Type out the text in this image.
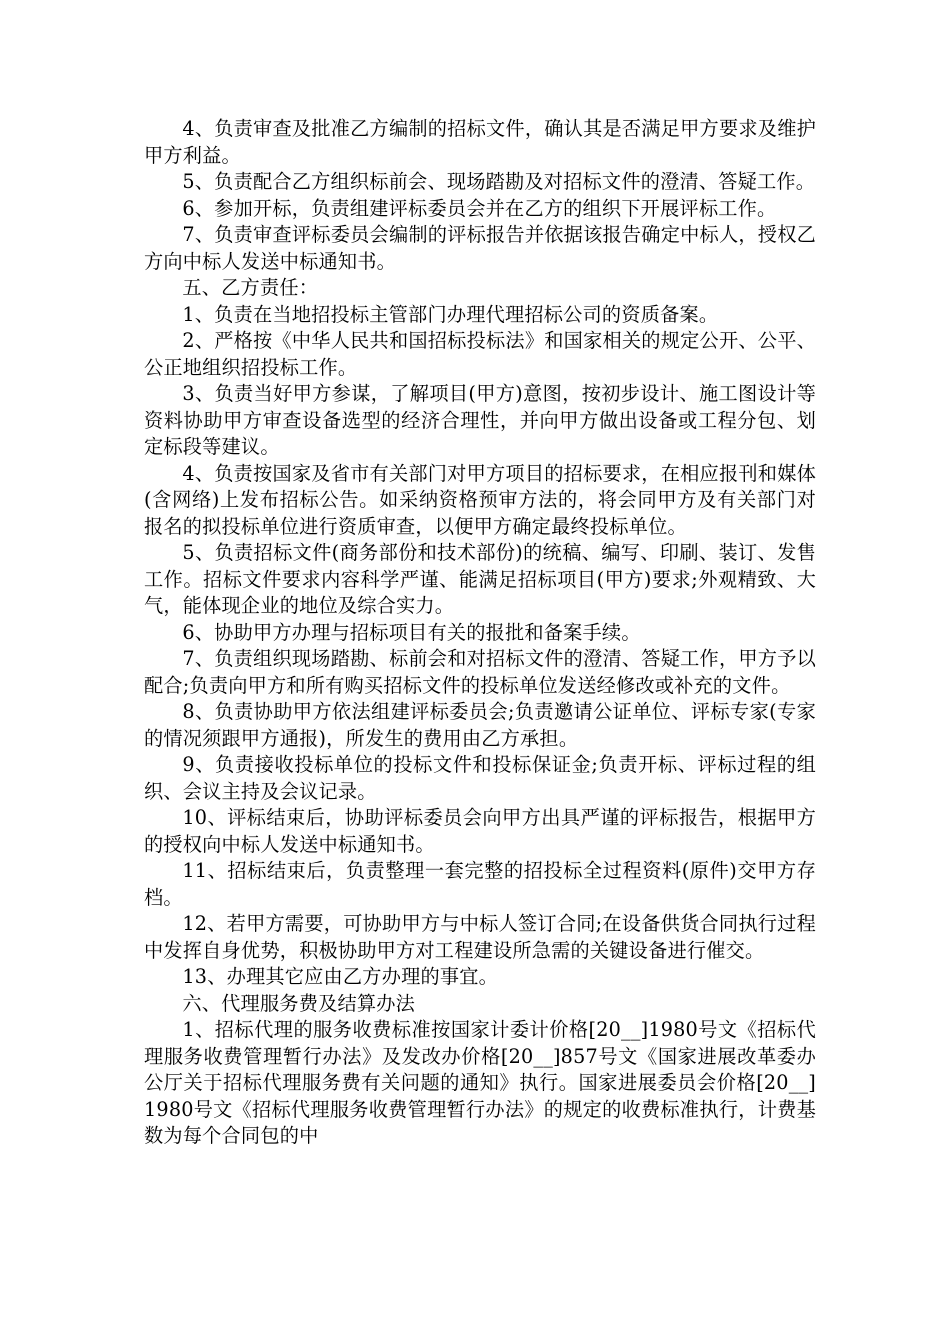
4、负责审查及批准乙方编制的招标文件，确认其是否满足甲方要求及维护甲方利益。

5、负责配合乙方组织标前会、现场踏勘及对招标文件的澄清、答疑工作。

6、参加开标，负责组建评标委员会并在乙方的组织下开展评标工作。

7、负责审查评标委员会编制的评标报告并依据该报告确定中标人，授权乙方向中标人发送中标通知书。

五、乙方责任：

1、负责在当地招投标主管部门办理代理招标公司的资质备案。

2、严格按《中华人民共和国招标投标法》和国家相关的规定公开、公平、公正地组织招投标工作。

3、负责当好甲方参谋，了解项目(甲方)意图，按初步设计、施工图设计等资料协助甲方审查设备选型的经济合理性，并向甲方做出设备或工程分包、划定标段等建议。

4、负责按国家及省市有关部门对甲方项目的招标要求，在相应报刊和媒体(含网络)上发布招标公告。如采纳资格预审方法的，将会同甲方及有关部门对报名的拟投标单位进行资质审查，以便甲方确定最终投标单位。

5、负责招标文件(商务部份和技术部份)的统稿、编写、印刷、装订、发售工作。招标文件要求内容科学严谨、能满足招标项目(甲方)要求;外观精致、大气，能体现企业的地位及综合实力。

6、协助甲方办理与招标项目有关的报批和备案手续。

7、负责组织现场踏勘、标前会和对招标文件的澄清、答疑工作，甲方予以配合;负责向甲方和所有购买招标文件的投标单位发送经修改或补充的文件。

8、负责协助甲方依法组建评标委员会;负责邀请公证单位、评标专家(专家的情况须跟甲方通报)，所发生的费用由乙方承担。

9、负责接收投标单位的投标文件和投标保证金;负责开标、评标过程的组织、会议主持及会议记录。

10、评标结束后，协助评标委员会向甲方出具严谨的评标报告，根据甲方的授权向中标人发送中标通知书。

11、招标结束后，负责整理一套完整的招投标全过程资料(原件)交甲方存档。

12、若甲方需要，可协助甲方与中标人签订合同;在设备供货合同执行过程中发挥自身优势，积极协助甲方对工程建设所急需的关键设备进行催交。

13、办理其它应由乙方办理的事宜。

六、代理服务费及结算办法

1、招标代理的服务收费标准按国家计委计价格[20__]1980号文《招标代理服务收费管理暂行办法》及发改办价格[20__]857号文《国家进展改革委办公厅关于招标代理服务费有关问题的通知》执行。国家进展委员会价格[20__]1980号文《招标代理服务收费管理暂行办法》的规定的收费标准执行，计费基数为每个合同包的中
